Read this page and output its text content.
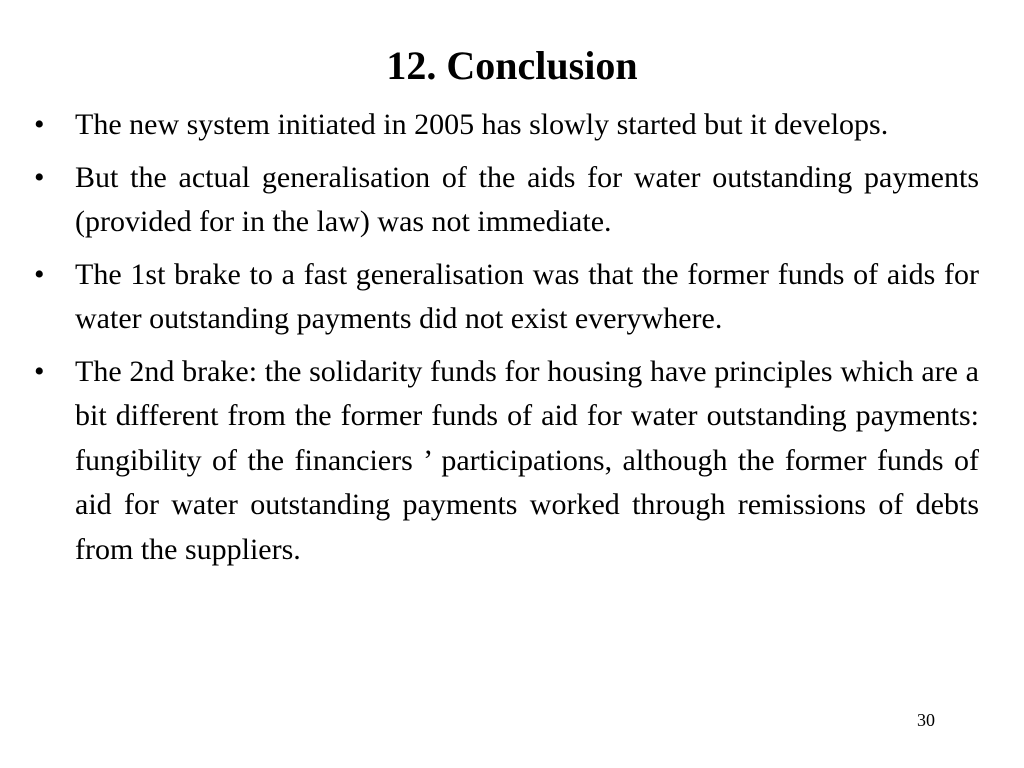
12. Conclusion
• The new system initiated in 2005 has slowly started but it develops.
• But the actual generalisation of the aids for water outstanding payments (provided for in the law) was not immediate.
• The 1st brake to a fast generalisation was that the former funds of aids for water outstanding payments did not exist everywhere.
• The 2nd brake: the solidarity funds for housing have principles which are a bit different from the former funds of aid for water outstanding payments: fungibility of the financiers ’ participations, although the former funds of aid for water outstanding payments worked through remissions of debts from the suppliers.
30
